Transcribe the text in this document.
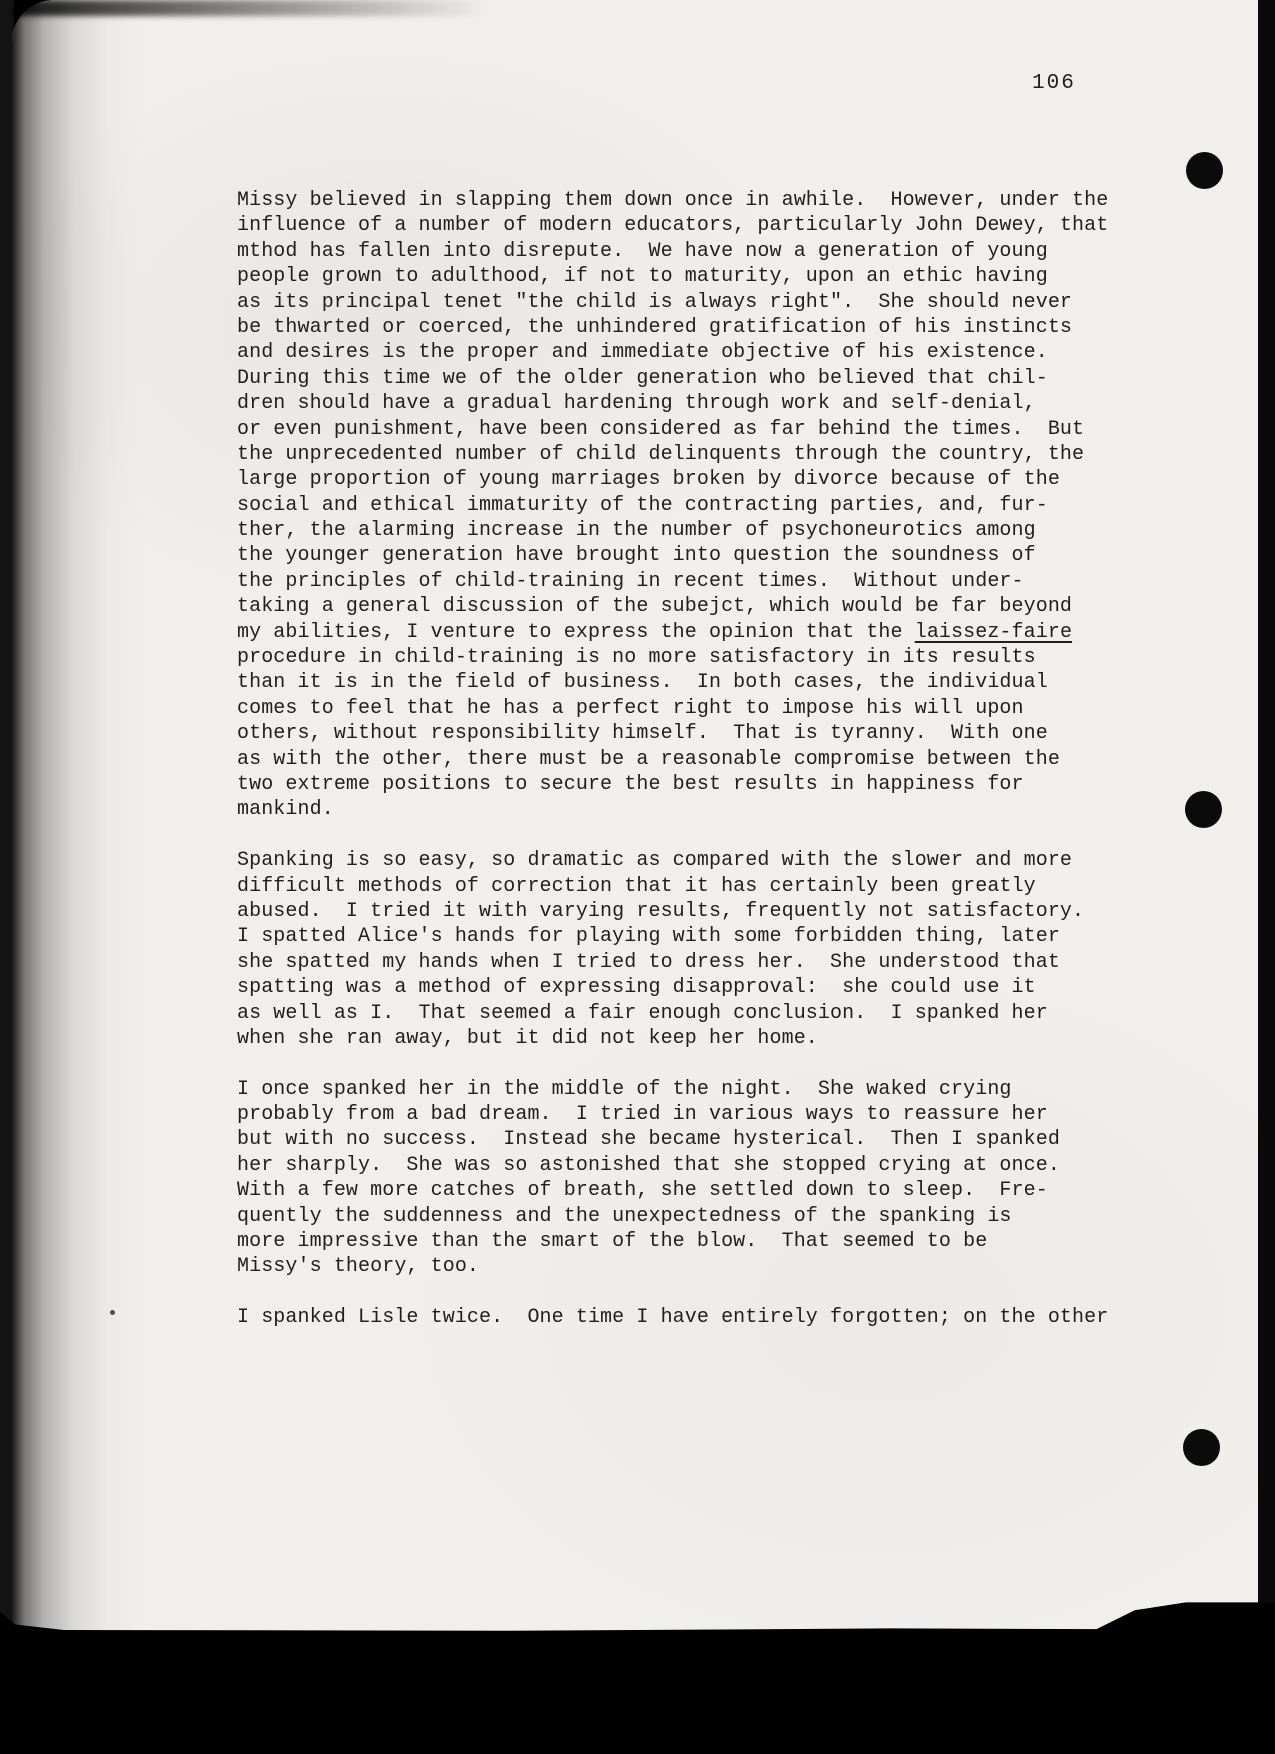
106
Missy believed in slapping them down once in awhile.  However, under the
influence of a number of modern educators, particularly John Dewey, that
mthod has fallen into disrepute.  We have now a generation of young
people grown to adulthood, if not to maturity, upon an ethic having
as its principal tenet "the child is always right".  She should never
be thwarted or coerced, the unhindered gratification of his instincts
and desires is the proper and immediate objective of his existence.
During this time we of the older generation who believed that chil-
dren should have a gradual hardening through work and self-denial,
or even punishment, have been considered as far behind the times.  But
the unprecedented number of child delinquents through the country, the
large proportion of young marriages broken by divorce because of the
social and ethical immaturity of the contracting parties, and, fur-
ther, the alarming increase in the number of psychoneurotics among
the younger generation have brought into question the soundness of
the principles of child-training in recent times.  Without under-
taking a general discussion of the subejct, which would be far beyond
my abilities, I venture to express the opinion that the laissez-faire
procedure in child-training is no more satisfactory in its results
than it is in the field of business.  In both cases, the individual
comes to feel that he has a perfect right to impose his will upon
others, without responsibility himself.  That is tyranny.  With one
as with the other, there must be a reasonable compromise between the
two extreme positions to secure the best results in happiness for
mankind.
Spanking is so easy, so dramatic as compared with the slower and more
difficult methods of correction that it has certainly been greatly
abused.  I tried it with varying results, frequently not satisfactory.
I spatted Alice's hands for playing with some forbidden thing, later
she spatted my hands when I tried to dress her.  She understood that
spatting was a method of expressing disapproval:  she could use it
as well as I.  That seemed a fair enough conclusion.  I spanked her
when she ran away, but it did not keep her home.
I once spanked her in the middle of the night.  She waked crying
probably from a bad dream.  I tried in various ways to reassure her
but with no success.  Instead she became hysterical.  Then I spanked
her sharply.  She was so astonished that she stopped crying at once.
With a few more catches of breath, she settled down to sleep.  Fre-
quently the suddenness and the unexpectedness of the spanking is
more impressive than the smart of the blow.  That seemed to be
Missy's theory, too.
I spanked Lisle twice.  One time I have entirely forgotten; on the other
